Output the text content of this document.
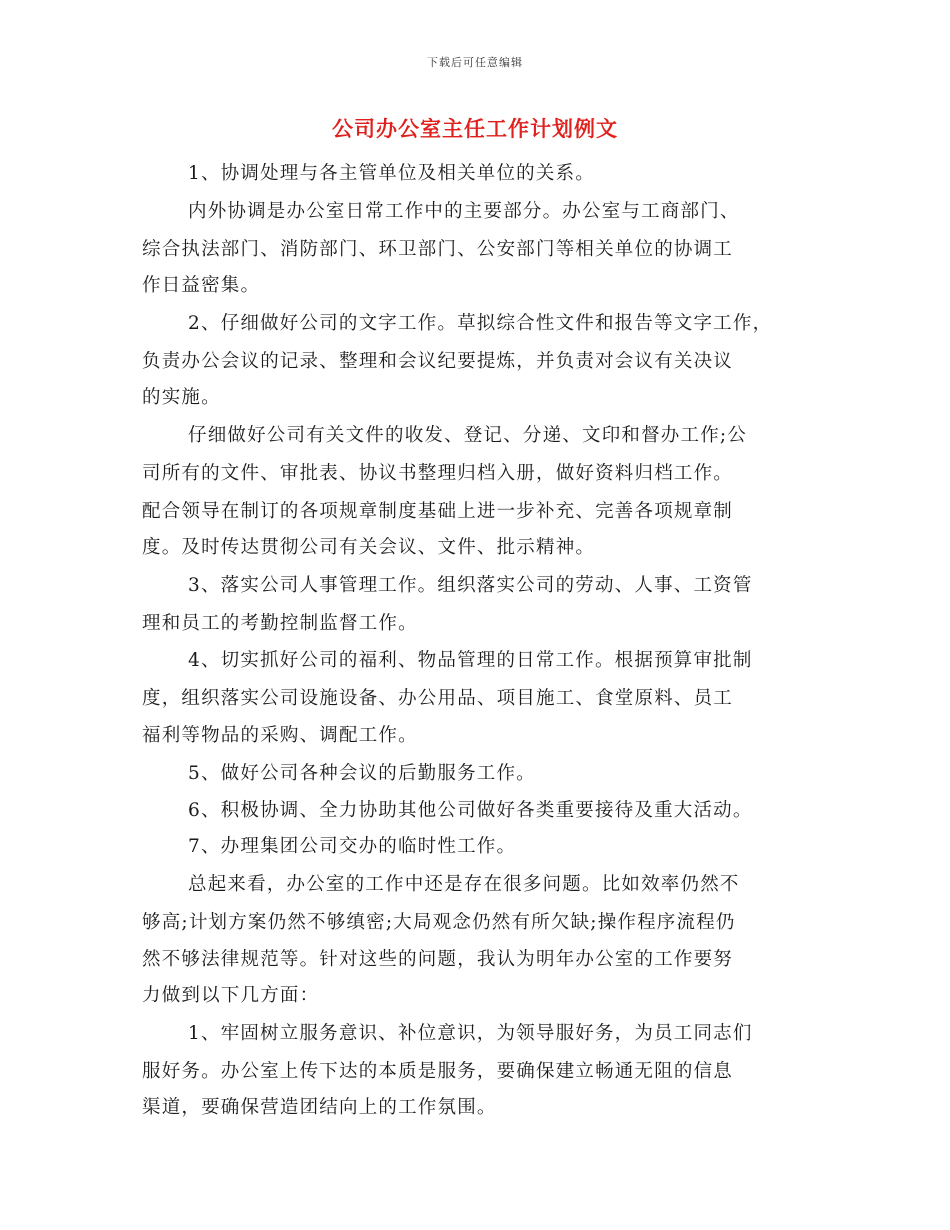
下载后可任意编辑
公司办公室主任工作计划例文
1、协调处理与各主管单位及相关单位的关系。
内外协调是办公室日常工作中的主要部分。办公室与工商部门、
综合执法部门、消防部门、环卫部门、公安部门等相关单位的协调工
作日益密集。
2、仔细做好公司的文字工作。草拟综合性文件和报告等文字工作，
负责办公会议的记录、整理和会议纪要提炼，并负责对会议有关决议
的实施。
仔细做好公司有关文件的收发、登记、分递、文印和督办工作;公
司所有的文件、审批表、协议书整理归档入册，做好资料归档工作。
配合领导在制订的各项规章制度基础上进一步补充、完善各项规章制
度。及时传达贯彻公司有关会议、文件、批示精神。
3、落实公司人事管理工作。组织落实公司的劳动、人事、工资管
理和员工的考勤控制监督工作。
4、切实抓好公司的福利、物品管理的日常工作。根据预算审批制
度，组织落实公司设施设备、办公用品、项目施工、食堂原料、员工
福利等物品的采购、调配工作。
5、做好公司各种会议的后勤服务工作。
6、积极协调、全力协助其他公司做好各类重要接待及重大活动。
7、办理集团公司交办的临时性工作。
总起来看，办公室的工作中还是存在很多问题。比如效率仍然不
够高;计划方案仍然不够缜密;大局观念仍然有所欠缺;操作程序流程仍
然不够法律规范等。针对这些的问题，我认为明年办公室的工作要努
力做到以下几方面：
1、牢固树立服务意识、补位意识，为领导服好务，为员工同志们
服好务。办公室上传下达的本质是服务，要确保建立畅通无阻的信息
渠道，要确保营造团结向上的工作氛围。
